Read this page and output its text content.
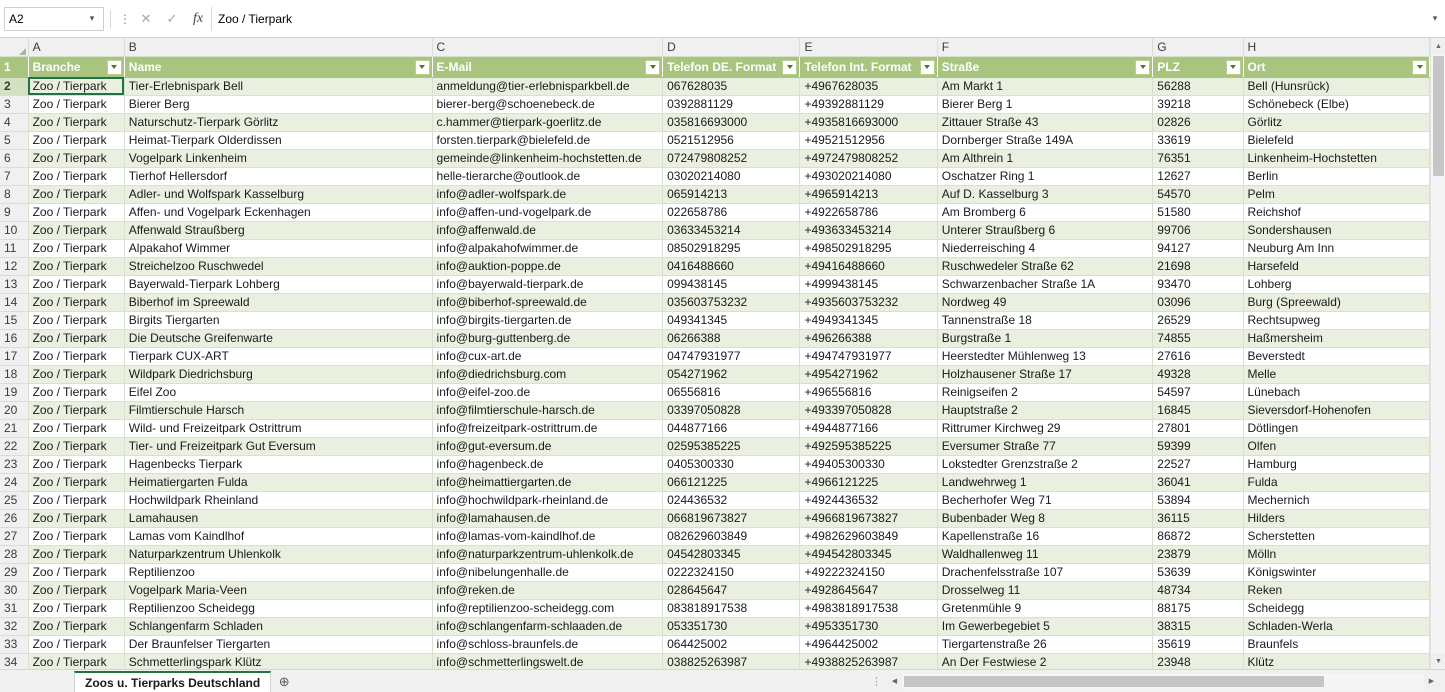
A2	▾	⋮ ✕	✓	fx	Zoo / Tierpark	▾
	A	B	C	D	E	F	G	H
1	Branche	Name	E-Mail	Telefon DE. Format	Telefon Int. Format	Straße	PLZ	Ort

2	Zoo / Tierpark	Tier-Erlebnispark Bell	anmeldung@tier-erlebnisparkbell.de	067628035	+4967628035	Am Markt 1	56288	Bell (Hunsrück)
3	Zoo / Tierpark	Bierer Berg	bierer-berg@schoenebeck.de	0392881129	+49392881129	Bierer Berg 1	39218	Schönebeck (Elbe)
4	Zoo / Tierpark	Naturschutz-Tierpark Görlitz	c.hammer@tierpark-goerlitz.de	035816693000	+4935816693000	Zittauer Straße 43	02826	Görlitz
5	Zoo / Tierpark	Heimat-Tierpark Olderdissen	forsten.tierpark@bielefeld.de	0521512956	+49521512956	Dornberger Straße 149A	33619	Bielefeld
6	Zoo / Tierpark	Vogelpark Linkenheim	gemeinde@linkenheim-hochstetten.de	072479808252	+4972479808252	Am Althrein 1	76351	Linkenheim-Hochstetten
7	Zoo / Tierpark	Tierhof Hellersdorf	helle-tierarche@outlook.de	03020214080	+493020214080	Oschatzer Ring 1	12627	Berlin
8	Zoo / Tierpark	Adler- und Wolfspark Kasselburg	info@adler-wolfspark.de	065914213	+4965914213	Auf D. Kasselburg 3	54570	Pelm
9	Zoo / Tierpark	Affen- und Vogelpark Eckenhagen	info@affen-und-vogelpark.de	022658786	+4922658786	Am Bromberg 6	51580	Reichshof
10	Zoo / Tierpark	Affenwald Straußberg	info@affenwald.de	03633453214	+493633453214	Unterer Straußberg 6	99706	Sondershausen
11	Zoo / Tierpark	Alpakahof Wimmer	info@alpakahofwimmer.de	08502918295	+498502918295	Niederreisching 4	94127	Neuburg Am Inn
12	Zoo / Tierpark	Streichelzoo Ruschwedel	info@auktion-poppe.de	0416488660	+49416488660	Ruschwedeler Straße 62	21698	Harsefeld
13	Zoo / Tierpark	Bayerwald-Tierpark Lohberg	info@bayerwald-tierpark.de	099438145	+4999438145	Schwarzenbacher Straße 1A	93470	Lohberg
14	Zoo / Tierpark	Biberhof im Spreewald	info@biberhof-spreewald.de	035603753232	+4935603753232	Nordweg 49	03096	Burg (Spreewald)
15	Zoo / Tierpark	Birgits Tiergarten	info@birgits-tiergarten.de	049341345	+4949341345	Tannenstraße 18	26529	Rechtsupweg
16	Zoo / Tierpark	Die Deutsche Greifenwarte	info@burg-guttenberg.de	06266388	+496266388	Burgstraße 1	74855	Haßmersheim
17	Zoo / Tierpark	Tierpark CUX-ART	info@cux-art.de	04747931977	+494747931977	Heerstedter Mühlenweg 13	27616	Beverstedt
18	Zoo / Tierpark	Wildpark Diedrichsburg	info@diedrichsburg.com	054271962	+4954271962	Holzhausener Straße 17	49328	Melle
19	Zoo / Tierpark	Eifel Zoo	info@eifel-zoo.de	06556816	+496556816	Reinigseifen 2	54597	Lünebach
20	Zoo / Tierpark	Filmtierschule Harsch	info@filmtierschule-harsch.de	03397050828	+493397050828	Hauptstraße 2	16845	Sieversdorf-Hohenofen
21	Zoo / Tierpark	Wild- und Freizeitpark Ostrittrum	info@freizeitpark-ostrittrum.de	044877166	+4944877166	Rittrumer Kirchweg 29	27801	Dötlingen
22	Zoo / Tierpark	Tier- und Freizeitpark Gut Eversum	info@gut-eversum.de	02595385225	+492595385225	Eversumer Straße 77	59399	Olfen
23	Zoo / Tierpark	Hagenbecks Tierpark	info@hagenbeck.de	0405300330	+49405300330	Lokstedter Grenzstraße 2	22527	Hamburg
24	Zoo / Tierpark	Heimatiergarten Fulda	info@heimattiergarten.de	066121225	+4966121225	Landwehrweg 1	36041	Fulda
25	Zoo / Tierpark	Hochwildpark Rheinland	info@hochwildpark-rheinland.de	024436532	+4924436532	Becherhofer Weg 71	53894	Mechernich
26	Zoo / Tierpark	Lamahausen	info@lamahausen.de	066819673827	+4966819673827	Bubenbader Weg 8	36115	Hilders
27	Zoo / Tierpark	Lamas vom Kaindlhof	info@lamas-vom-kaindlhof.de	082629603849	+4982629603849	Kapellenstraße 16	86872	Scherstetten
28	Zoo / Tierpark	Naturparkzentrum Uhlenkolk	info@naturparkzentrum-uhlenkolk.de	04542803345	+494542803345	Waldhallenweg 11	23879	Mölln
29	Zoo / Tierpark	Reptilienzoo	info@nibelungenhalle.de	0222324150	+49222324150	Drachenfelsstraße 107	53639	Königswinter
30	Zoo / Tierpark	Vogelpark Maria-Veen	info@reken.de	028645647	+4928645647	Drosselweg 11	48734	Reken
31	Zoo / Tierpark	Reptilienzoo Scheidegg	info@reptilienzoo-scheidegg.com	083818917538	+4983818917538	Gretenmühle 9	88175	Scheidegg
32	Zoo / Tierpark	Schlangenfarm Schladen	info@schlangenfarm-schlaaden.de	053351730	+4953351730	Im Gewerbegebiet 5	38315	Schladen-Werla
33	Zoo / Tierpark	Der Braunfelser Tiergarten	info@schloss-braunfels.de	064425002	+4964425002	Tiergartenstraße 26	35619	Braunfels
34	Zoo / Tierpark	Schmetterlingspark Klütz	info@schmetterlingswelt.de	038825263987	+4938825263987	An Der Festwiese 2	23948	Klütz
▲
▼
Zoos u. Tierparks Deutschland	⊕	⋮	◀	▶
